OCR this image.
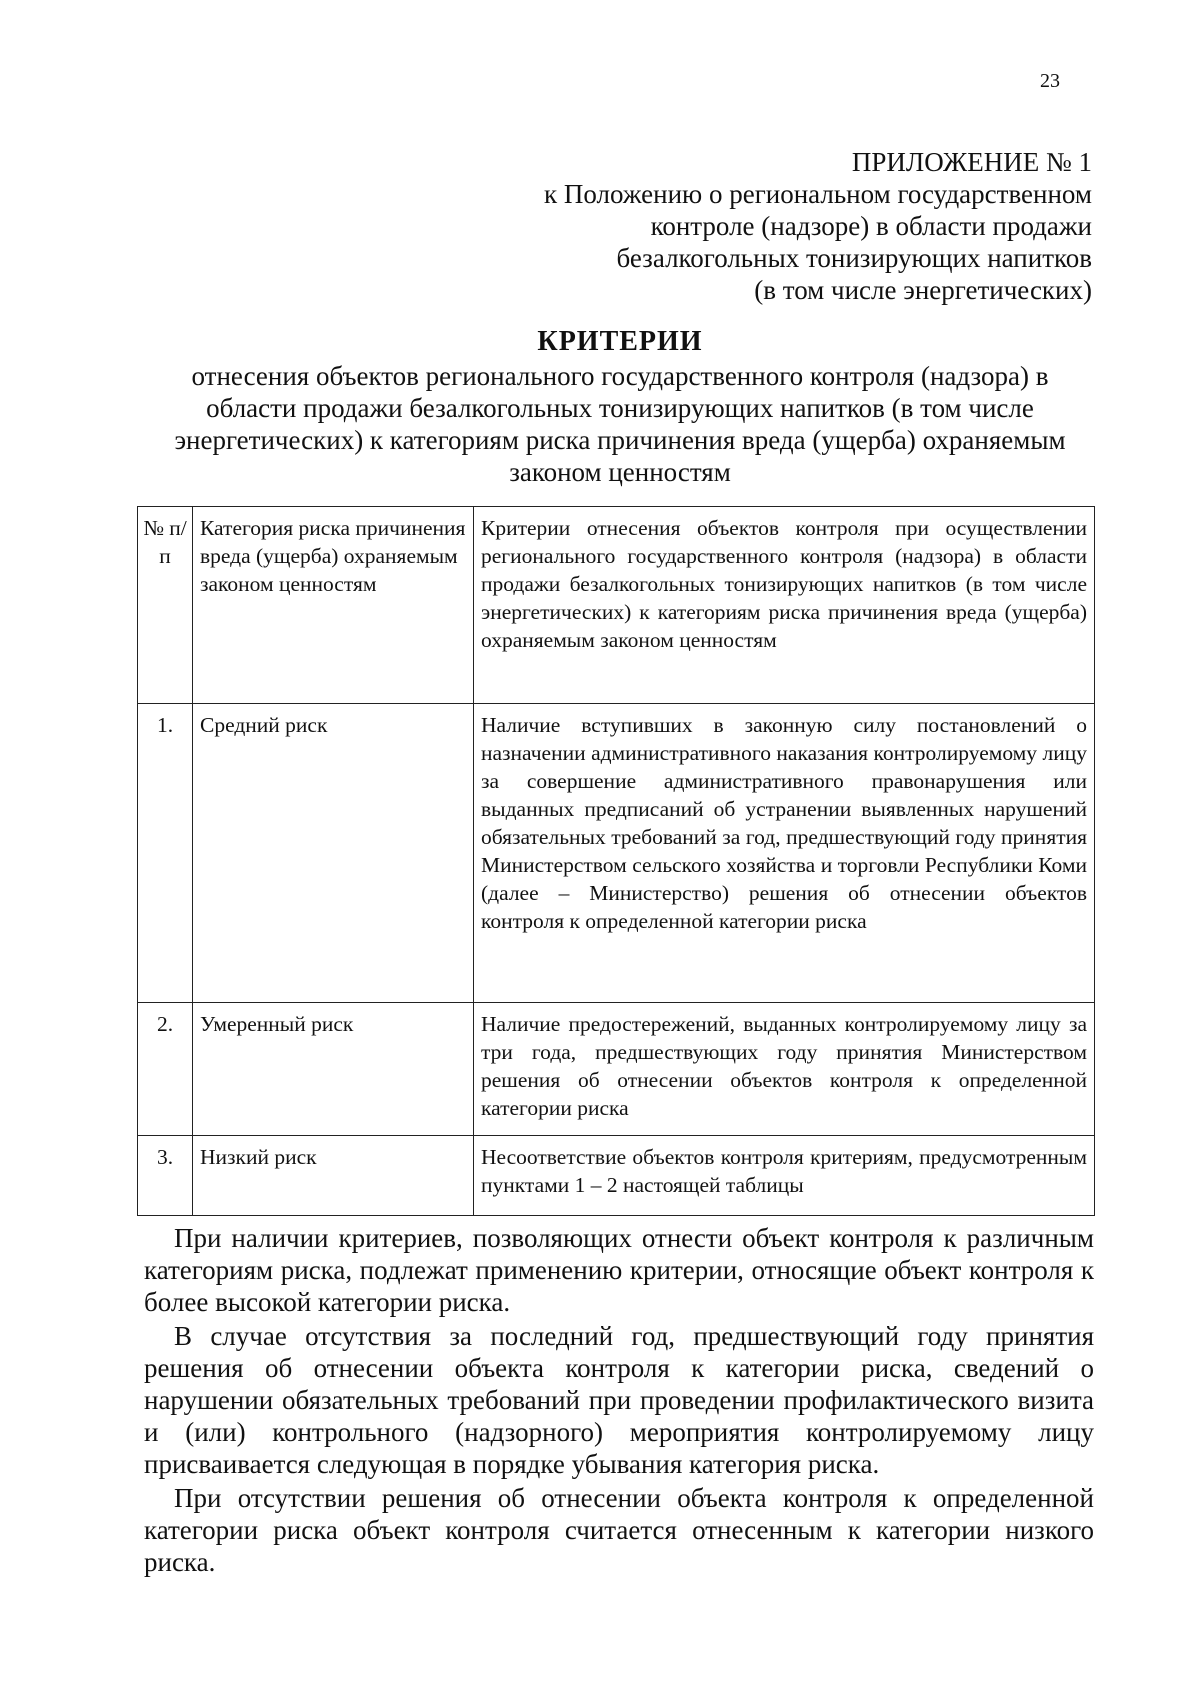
23
ПРИЛОЖЕНИЕ № 1
к Положению о региональном государственном
контроле (надзоре) в области продажи
безалкогольных тонизирующих напитков
(в том числе энергетических)
КРИТЕРИИ
отнесения объектов регионального государственного контроля (надзора) в
области продажи безалкогольных тонизирующих напитков (в том числе
энергетических) к категориям риска причинения вреда (ущерба) охраняемым
законом ценностям
№ п/п	Категория риска причинения вреда (ущерба) охраняемым законом ценностям	Критерии отнесения объектов контроля при осуществлении регионального государственного контроля (надзора) в области продажи безалкогольных тонизирующих напитков (в том числе энергетических) к категориям риска причинения вреда (ущерба) охраняемым законом ценностям
1.	Средний риск	Наличие вступивших в законную силу постановлений о назначении административного наказания контролируемому лицу за совершение административного правонарушения или выданных предписаний об устранении выявленных нарушений обязательных требований за год, предшествующий году принятия Министерством сельского хозяйства и торговли Республики Коми (далее – Министерство) решения об отнесении объектов контроля к определенной категории риска
2.	Умеренный риск	Наличие предостережений, выданных контролируемому лицу за три года, предшествующих году принятия Министерством решения об отнесении объектов контроля к определенной категории риска
3.	Низкий риск	Несоответствие объектов контроля критериям, предусмотренным пунктами 1 – 2 настоящей таблицы

При наличии критериев, позволяющих отнести объект контроля к различным категориям риска, подлежат применению критерии, относящие объект контроля к более высокой категории риска.

В случае отсутствия за последний год, предшествующий году принятия решения об отнесении объекта контроля к категории риска, сведений о нарушении обязательных требований при проведении профилактического визита и (или) контрольного (надзорного) мероприятия контролируемому лицу присваивается следующая в порядке убывания категория риска.

При отсутствии решения об отнесении объекта контроля к определенной категории риска объект контроля считается отнесенным к категории низкого риска.
